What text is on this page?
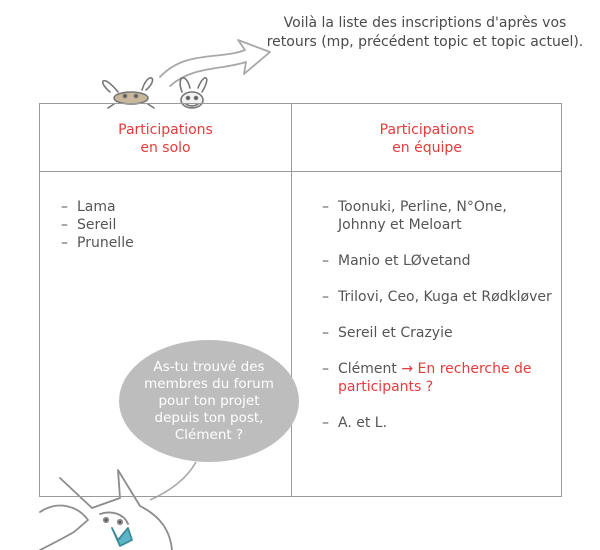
Voilà la liste des inscriptions d'après vos retours (mp, précédent topic et topic actuel).
Participations
en solo
Participations
en équipe
– Lama
– Sereil
– Prunelle
– Toonuki, Perline, N°One, Johnny et Meloart
– Manio et LØvetand
– Trilovi, Ceo, Kuga et Rødkløver
– Sereil et Crazyie
– Clément → En recherche de participants ?
– A. et L.
As-tu trouvé des membres du forum pour ton projet depuis ton post, Clément ?
